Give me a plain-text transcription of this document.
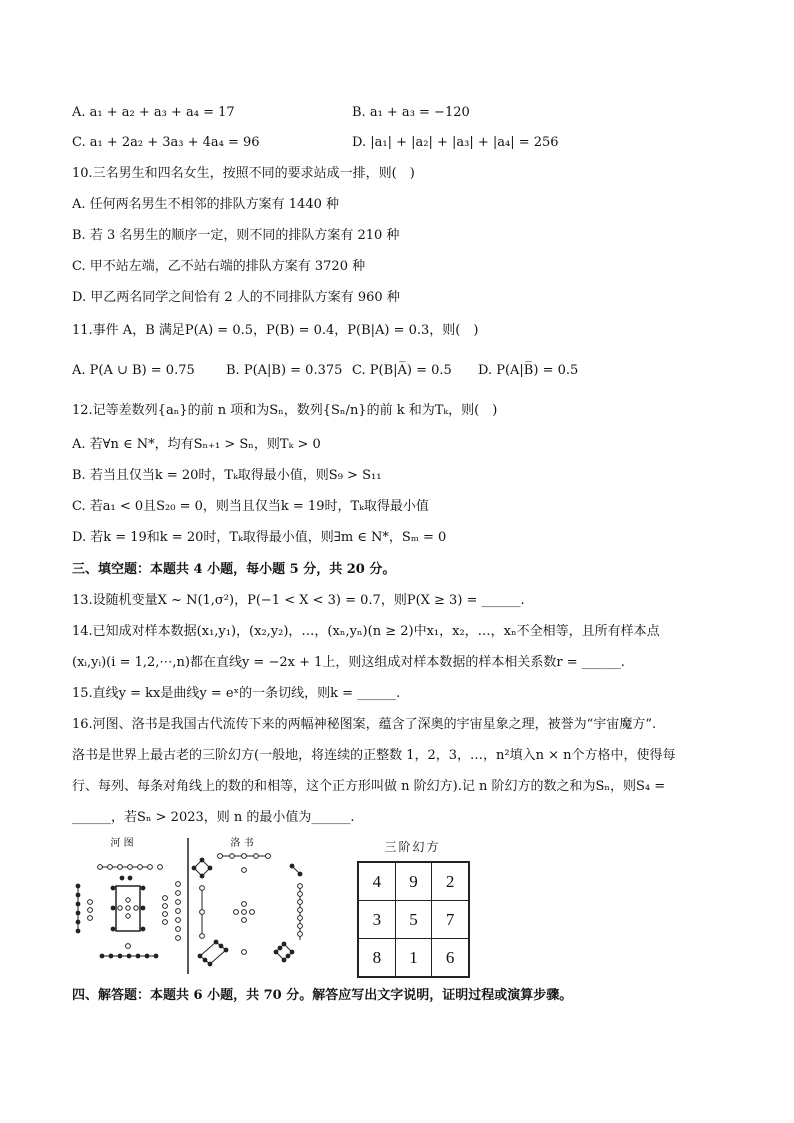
A. a₁ + a₂ + a₃ + a₄ = 17	B. a₁ + a₃ = −120
C. a₁ + 2a₂ + 3a₃ + 4a₄ = 96	D. |a₁| + |a₂| + |a₃| + |a₄| = 256
10.三名男生和四名女生，按照不同的要求站成一排，则(　)
A. 任何两名男生不相邻的排队方案有 1440 种
B. 若 3 名男生的顺序一定，则不同的排队方案有 210 种
C. 甲不站左端，乙不站右端的排队方案有 3720 种
D. 甲乙两名同学之间恰有 2 人的不同排队方案有 960 种
11.事件 A，B 满足P(A) = 0.5，P(B) = 0.4，P(B|A) = 0.3，则(　)
A. P(A ∪ B) = 0.75 B. P(A|B) = 0.375 C. P(B|A̅) = 0.5 D. P(A|B̅) = 0.5
12.记等差数列{aₙ}的前 n 项和为Sₙ，数列{Sₙ/n}的前 k 和为Tₖ，则(　)
A. 若∀n ∈ N*，均有Sₙ₊₁ > Sₙ，则Tₖ > 0
B. 若当且仅当k = 20时，Tₖ取得最小值，则S₉ > S₁₁
C. 若a₁ < 0且S₂₀ = 0，则当且仅当k = 19时，Tₖ取得最小值
D. 若k = 19和k = 20时，Tₖ取得最小值，则∃m ∈ N*，Sₘ = 0
三、填空题：本题共 4 小题，每小题 5 分，共 20 分。
13.设随机变量X ~ N(1,σ²)，P(−1 < X < 3) = 0.7，则P(X ≥ 3) = ______.
14.已知成对样本数据(x₁,y₁)，(x₂,y₂)，…，(xₙ,yₙ)(n ≥ 2)中x₁，x₂，…，xₙ不全相等，且所有样本点
(xᵢ,yᵢ)(i = 1,2,⋯,n)都在直线y = −2x + 1上，则这组成对样本数据的样本相关系数r = ______.
15.直线y = kx是曲线y = eˣ的一条切线，则k = ______.
16.河图、洛书是我国古代流传下来的两幅神秘图案，蕴含了深奥的宇宙星象之理，被誉为“宇宙魔方”.
洛书是世界上最古老的三阶幻方(一般地，将连续的正整数 1，2，3，…，n²填入n × n个方格中，使得每
行、每列、每条对角线上的数的和相等，这个正方形叫做 n 阶幻方).记 n 阶幻方的数之和为Sₙ，则S₄ =
______，若Sₙ > 2023，则 n 的最小值为______.
河 图	洛 书	三阶幻方
4	9	2
3	5	7
8	1	6
四、解答题：本题共 6 小题，共 70 分。解答应写出文字说明，证明过程或演算步骤。
